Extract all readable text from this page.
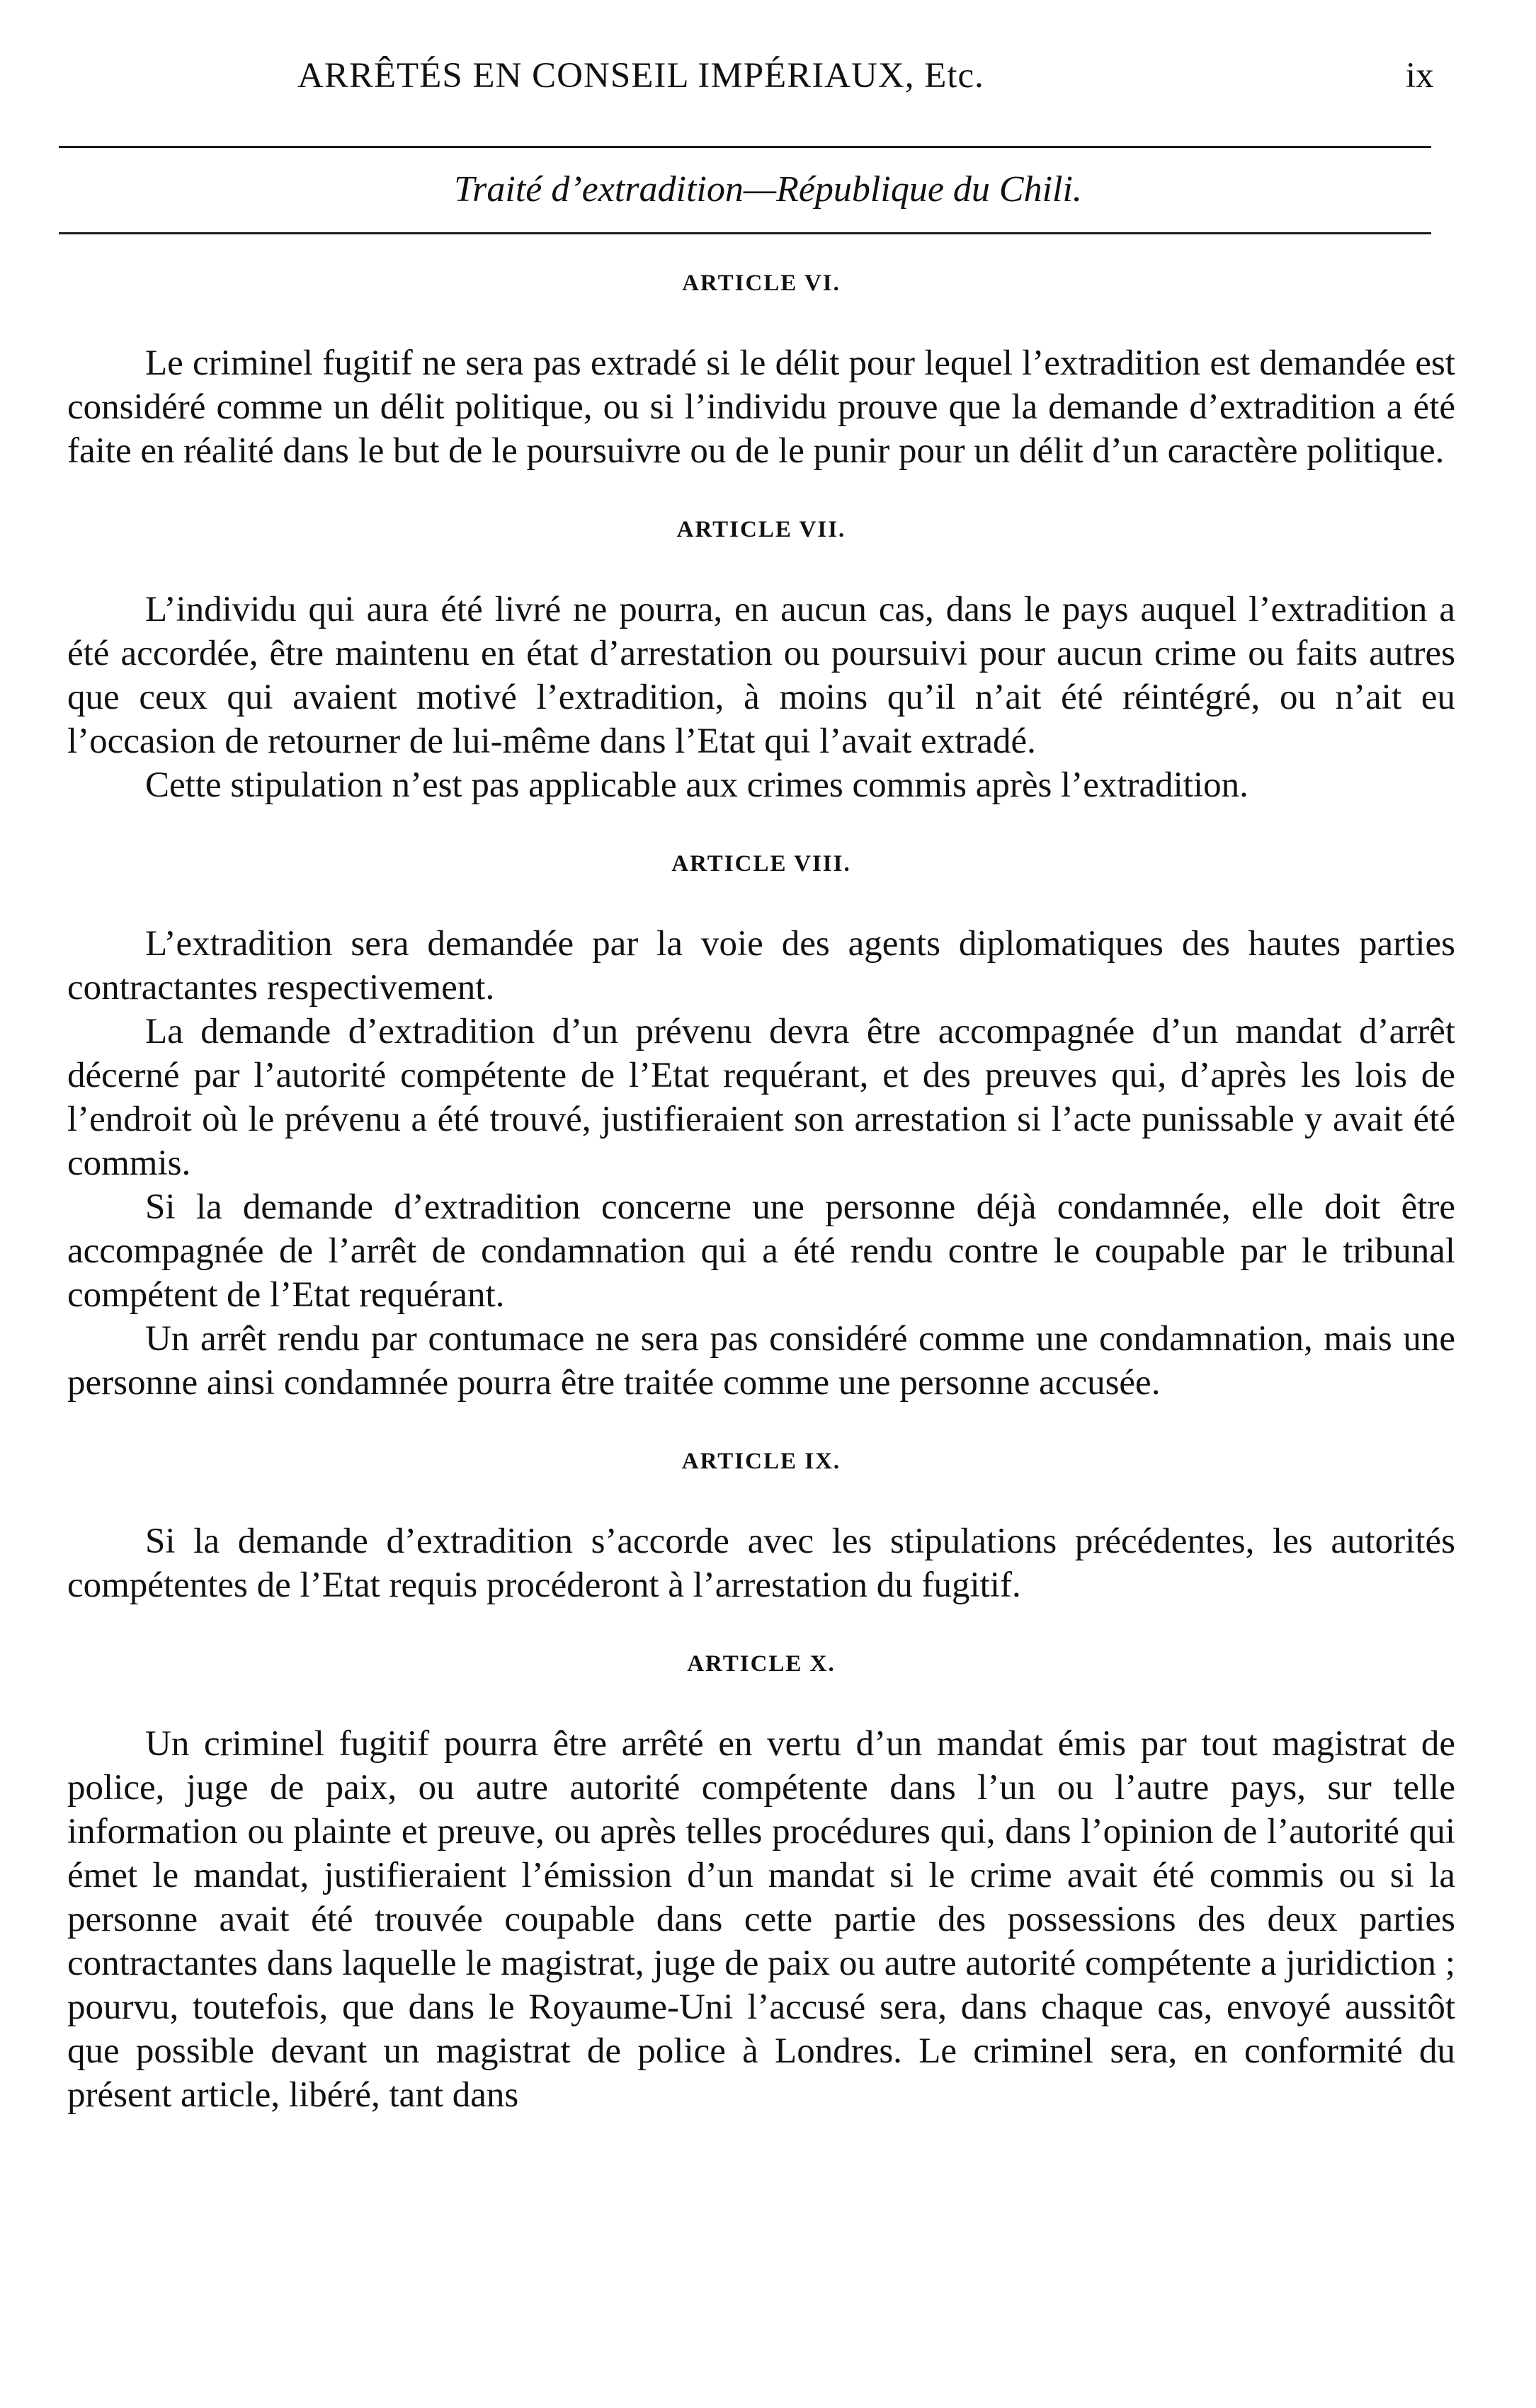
ARRÊTÉS EN CONSEIL IMPÉRIAUX, Etc.	ix
Traité d’extradition—République du Chili.
ARTICLE VI.

Le criminel fugitif ne sera pas extradé si le délit pour lequel l’extradition est demandée est considéré comme un délit politique, ou si l’individu prouve que la demande d’extradition a été faite en réalité dans le but de le poursuivre ou de le punir pour un délit d’un caractère politique.

ARTICLE VII.

L’individu qui aura été livré ne pourra, en aucun cas, dans le pays auquel l’extradition a été accordée, être maintenu en état d’arrestation ou poursuivi pour aucun crime ou faits autres que ceux qui avaient motivé l’extradition, à moins qu’il n’ait été réintégré, ou n’ait eu l’occasion de retourner de lui-même dans l’Etat qui l’avait extradé.

Cette stipulation n’est pas applicable aux crimes commis après l’extradition.

ARTICLE VIII.

L’extradition sera demandée par la voie des agents diplomatiques des hautes parties contractantes respectivement.

La demande d’extradition d’un prévenu devra être accompagnée d’un mandat d’arrêt décerné par l’autorité compétente de l’Etat requérant, et des preuves qui, d’après les lois de l’endroit où le prévenu a été trouvé, justifieraient son arrestation si l’acte punissable y avait été commis.

Si la demande d’extradition concerne une personne déjà condamnée, elle doit être accompagnée de l’arrêt de condamnation qui a été rendu contre le coupable par le tribunal compétent de l’Etat requérant.

Un arrêt rendu par contumace ne sera pas considéré comme une condamnation, mais une personne ainsi condamnée pourra être traitée comme une personne accusée.

ARTICLE IX.

Si la demande d’extradition s’accorde avec les stipulations précédentes, les autorités compétentes de l’Etat requis procéderont à l’arrestation du fugitif.

ARTICLE X.

Un criminel fugitif pourra être arrêté en vertu d’un mandat émis par tout magistrat de police, juge de paix, ou autre autorité compétente dans l’un ou l’autre pays, sur telle information ou plainte et preuve, ou après telles procédures qui, dans l’opinion de l’autorité qui émet le mandat, justifieraient l’émission d’un mandat si le crime avait été commis ou si la personne avait été trouvée coupable dans cette partie des possessions des deux parties contractantes dans laquelle le magistrat, juge de paix ou autre autorité compétente a juridiction ; pourvu, toutefois, que dans le Royaume-Uni l’accusé sera, dans chaque cas, envoyé aussitôt que possible devant un magistrat de police à Londres. Le criminel sera, en conformité du présent article, libéré, tant dans
